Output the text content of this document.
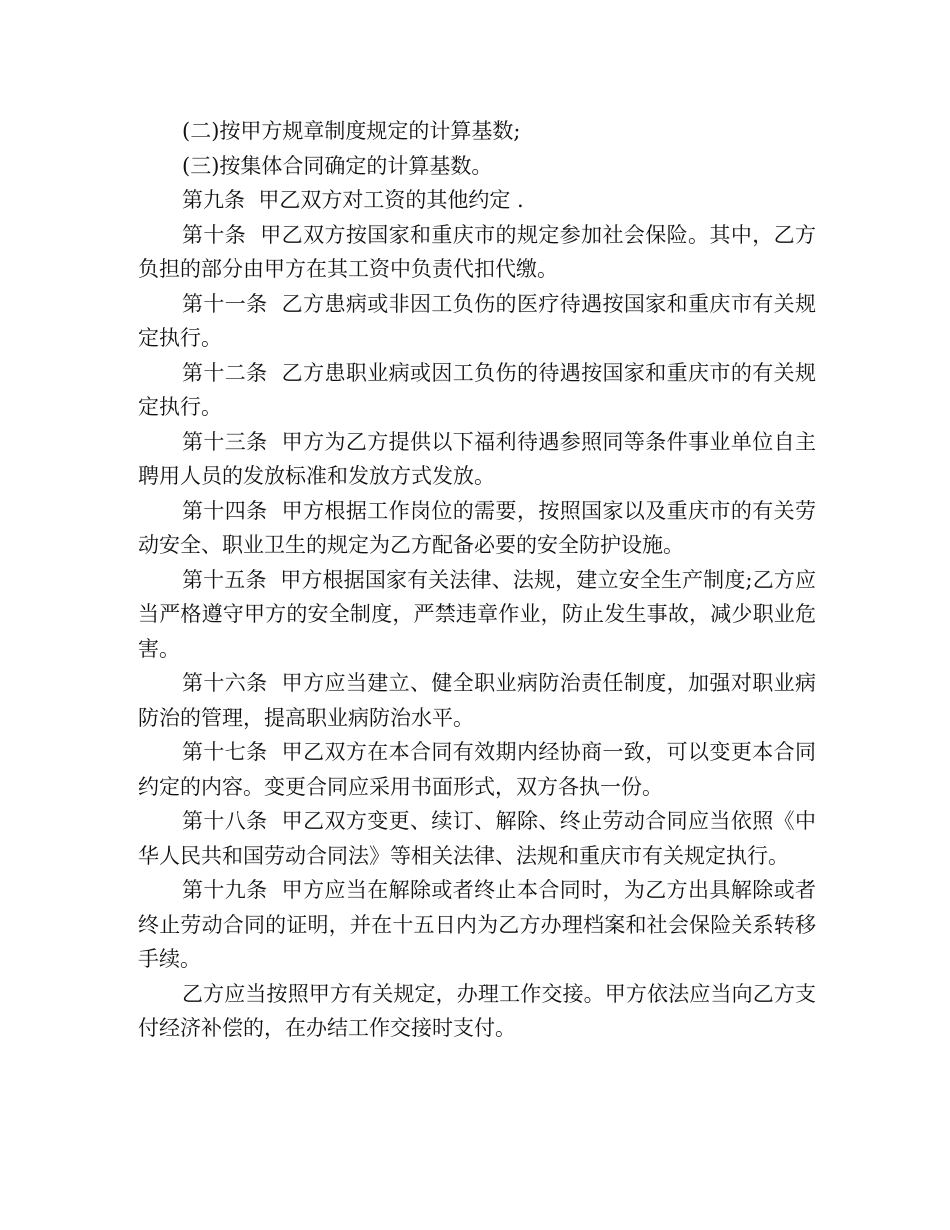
(二)按甲方规章制度规定的计算基数;

(三)按集体合同确定的计算基数。

第九条  甲乙双方对工资的其他约定 .

第十条  甲乙双方按国家和重庆市的规定参加社会保险。其中，乙方负担的部分由甲方在其工资中负责代扣代缴。

第十一条  乙方患病或非因工负伤的医疗待遇按国家和重庆市有关规定执行。

第十二条  乙方患职业病或因工负伤的待遇按国家和重庆市的有关规定执行。

第十三条  甲方为乙方提供以下福利待遇参照同等条件事业单位自主聘用人员的发放标准和发放方式发放。

第十四条  甲方根据工作岗位的需要，按照国家以及重庆市的有关劳动安全、职业卫生的规定为乙方配备必要的安全防护设施。

第十五条  甲方根据国家有关法律、法规，建立安全生产制度;乙方应当严格遵守甲方的安全制度，严禁违章作业，防止发生事故，减少职业危害。

第十六条  甲方应当建立、健全职业病防治责任制度，加强对职业病防治的管理，提高职业病防治水平。

第十七条  甲乙双方在本合同有效期内经协商一致，可以变更本合同约定的内容。变更合同应采用书面形式，双方各执一份。

第十八条  甲乙双方变更、续订、解除、终止劳动合同应当依照《中华人民共和国劳动合同法》等相关法律、法规和重庆市有关规定执行。

第十九条  甲方应当在解除或者终止本合同时，为乙方出具解除或者终止劳动合同的证明，并在十五日内为乙方办理档案和社会保险关系转移手续。

乙方应当按照甲方有关规定，办理工作交接。甲方依法应当向乙方支付经济补偿的，在办结工作交接时支付。
